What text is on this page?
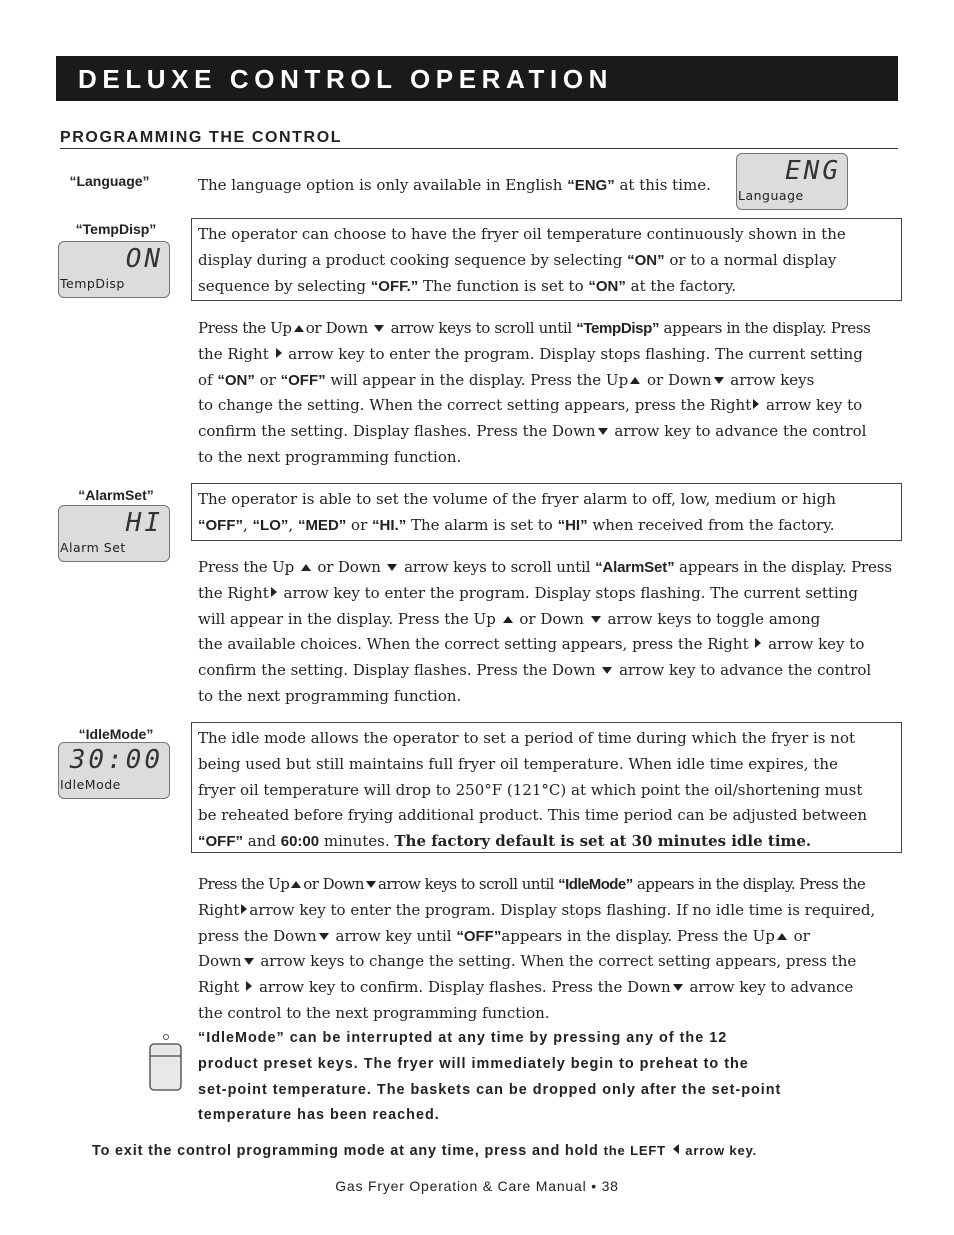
DELUXE CONTROL OPERATION
PROGRAMMING THE CONTROL
“Language”	The language option is only available in English “ENG” at this time.	ENG
Language
“TempDisp”
ON
TempDisp

The operator can choose to have the fryer oil temperature continuously shown in the

display during a product cooking sequence by selecting “ON” or to a normal display

sequence by selecting “OFF.” The function is set to “ON” at the factory.

Press the Up or Down arrow keys to scroll until “TempDisp” appears in the display. Press

the Right arrow key to enter the program. Display stops flashing. The current setting

of “ON” or “OFF” will appear in the display. Press the Up or Down arrow keys

to change the setting. When the correct setting appears, press the Right arrow key to

confirm the setting. Display flashes. Press the Down arrow key to advance the control

to the next programming function.

“AlarmSet”
HI
Alarm Set

The operator is able to set the volume of the fryer alarm to off, low, medium or high

“OFF”, “LO”, “MED” or “HI.” The alarm is set to “HI” when received from the factory.

Press the Up or Down arrow keys to scroll until “AlarmSet” appears in the display. Press

the Right arrow key to enter the program. Display stops flashing. The current setting

will appear in the display. Press the Up or Down arrow keys to toggle among

the available choices. When the correct setting appears, press the Right arrow key to

confirm the setting. Display flashes. Press the Down arrow key to advance the control

to the next programming function.

“IdleMode”
30:00
IdleMode

The idle mode allows the operator to set a period of time during which the fryer is not

being used but still maintains full fryer oil temperature. When idle time expires, the

fryer oil temperature will drop to 250°F (121°C) at which point the oil/shortening must

be reheated before frying additional product. This time period can be adjusted between

“OFF” and 60:00 minutes. The factory default is set at 30 minutes idle time.

Press the Up or Down arrow keys to scroll until “IdleMode” appears in the display. Press the

Right arrow key to enter the program. Display stops flashing. If no idle time is required,

press the Down arrow key until “OFF”appears in the display. Press the Up or

Down arrow keys to change the setting. When the correct setting appears, press the

Right arrow key to confirm. Display flashes. Press the Down arrow key to advance

the control to the next programming function.

“IdleMode” can be interrupted at any time by pressing any of the 12

product preset keys. The fryer will immediately begin to preheat to the

set-point temperature. The baskets can be dropped only after the set-point

temperature has been reached.

To exit the control programming mode at any time, press and hold the LEFT  arrow key.
Gas Fryer Operation & Care Manual • 38
